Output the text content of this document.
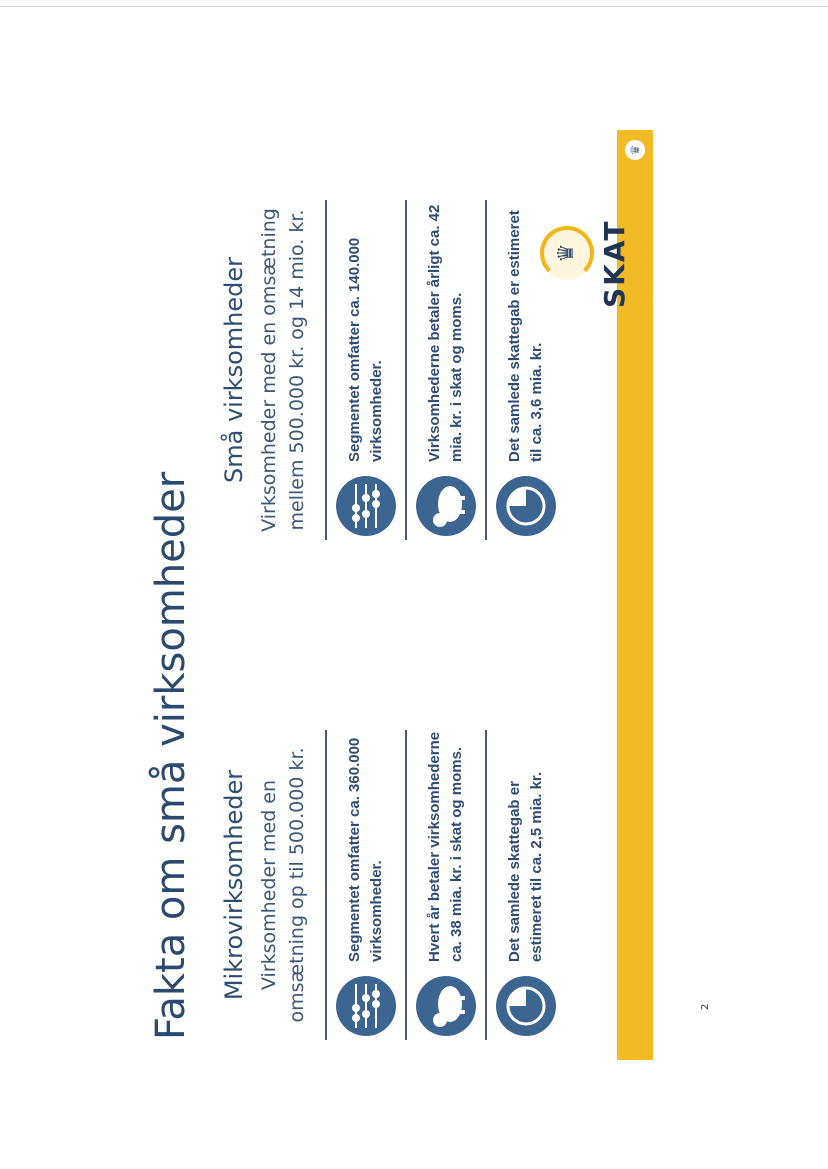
Fakta om små virksomheder Mikrovirksomheder Virksomheder med en omsætning op til 500.000 kr.	Segmentet omfatter ca. 360.000 virksomheder.	Hvert år betaler virksomhederne ca. 38 mia. kr. i skat og moms.	Det samlede skattegab er estimeret til ca. 2,5 mia. kr.
Små virksomheder Virksomheder med en omsætning mellem 500.000 kr. og 14 mio. kr.	Segmentet omfatter ca. 140.000 virksomheder.	Virksomhederne betaler årligt ca. 42 mia. kr. i skat og moms.	Det samlede skattegab er estimeret til ca. 3,6 mia. kr.
♛
♛ SKAT
2
